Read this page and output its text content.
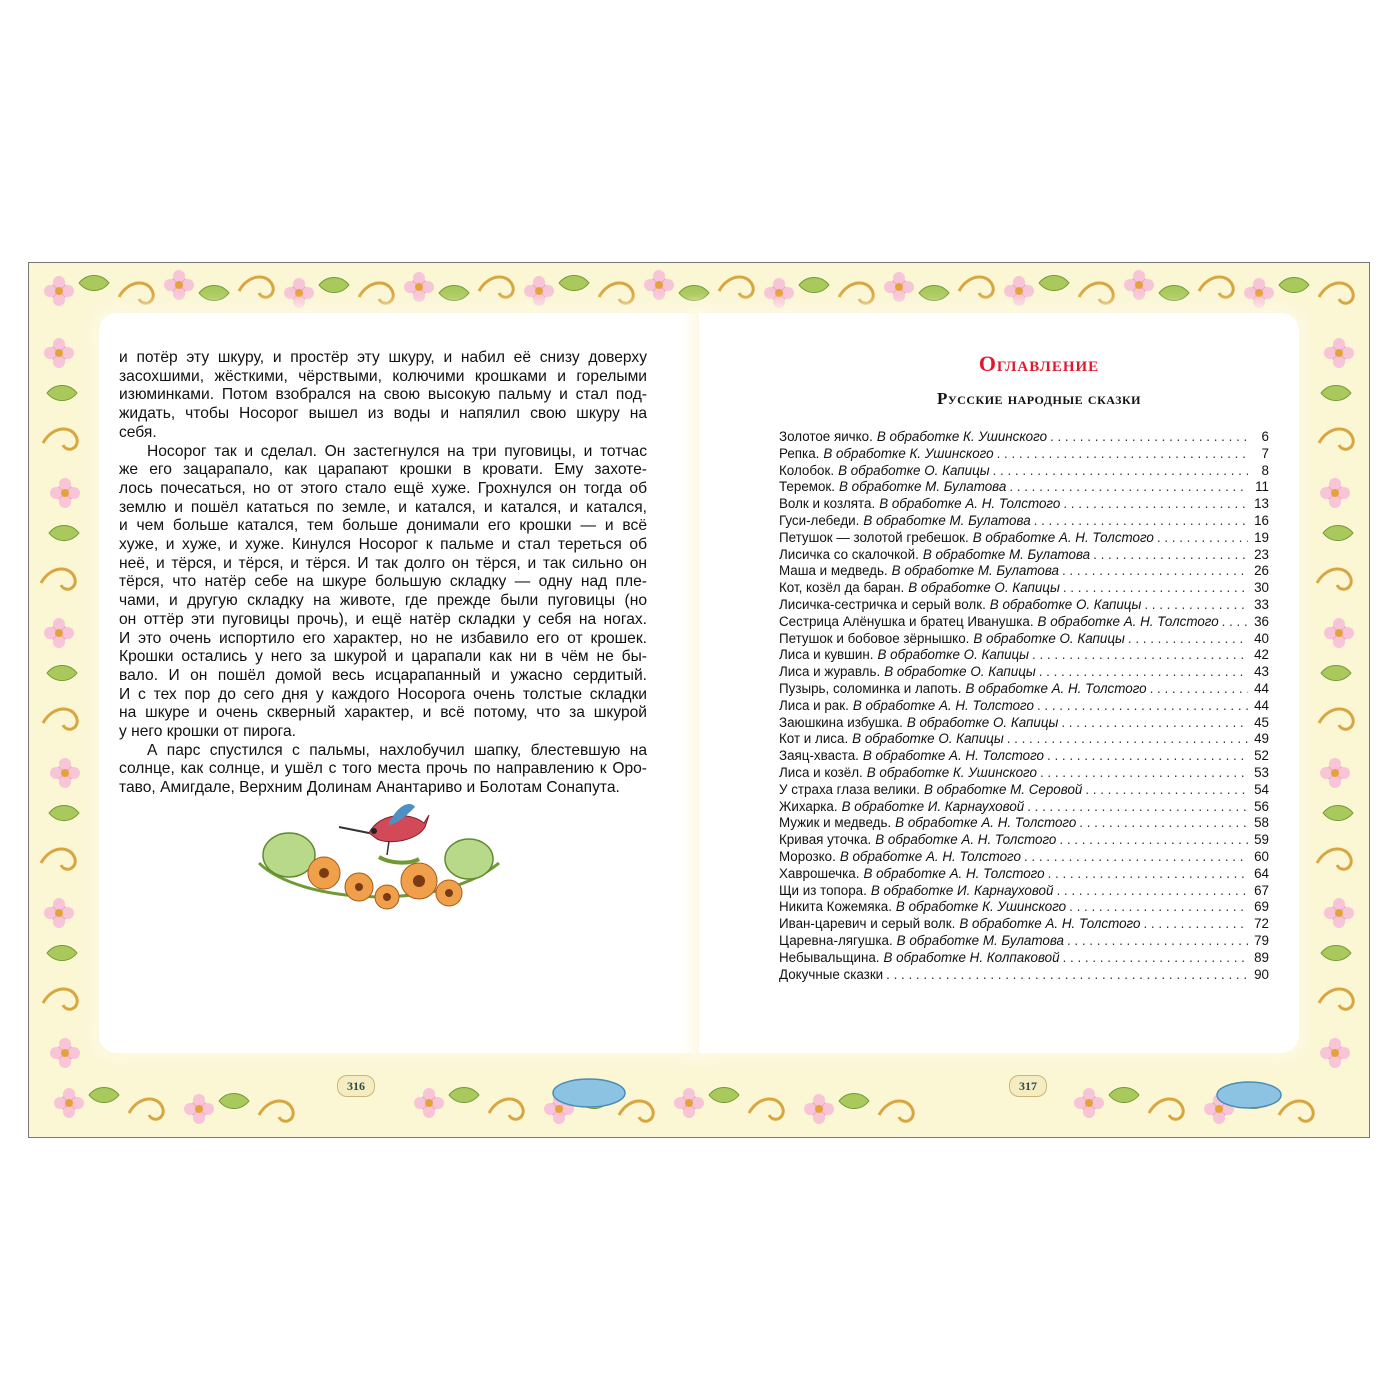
и потёр эту шкуру, и простёр эту шкуру, и набил её снизу доверху
засохшими, жёсткими, чёрствыми, колючими крошками и горелыми
изюминками. Потом взобрался на свою высокую пальму и стал под-
жидать, чтобы Носорог вышел из воды и напялил свою шкуру на
себя.
Носорог так и сделал. Он застегнулся на три пуговицы, и тотчас
же его зацарапало, как царапают крошки в кровати. Ему захоте-
лось почесаться, но от этого стало ещё хуже. Грохнулся он тогда об
землю и пошёл кататься по земле, и катался, и катался, и катался,
и чем больше катался, тем больше донимали его крошки — и всё
хуже, и хуже, и хуже. Кинулся Носорог к пальме и стал тереться об
неё, и тёрся, и тёрся, и тёрся. И так долго он тёрся, и так сильно он
тёрся, что натёр себе на шкуре большую складку — одну над пле-
чами, и другую складку на животе, где прежде были пуговицы (но
он оттёр эти пуговицы прочь), и ещё натёр складки у себя на ногах.
И это очень испортило его характер, но не избавило его от крошек.
Крошки остались у него за шкурой и царапали как ни в чём не бы-
вало. И он пошёл домой весь исцарапанный и ужасно сердитый.
И с тех пор до сего дня у каждого Носорога очень толстые складки
на шкуре и очень скверный характер, и всё потому, что за шкурой
у него крошки от пирога.
А парс спустился с пальмы, нахлобучил шапку, блестевшую на
солнце, как солнце, и ушёл с того места прочь по направлению к Оро-
таво, Амигдале, Верхним Долинам Анантариво и Болотам Сонапута.
Оглавление
Русские народные сказки
Золотое яичко. В обработке К. Ушинского . . .	6
Репка. В обработке К. Ушинского . . .	7
Колобок. В обработке О. Капицы . . .	8
Теремок. В обработке М. Булатова . . .	11
Волк и козлята. В обработке А. Н. Толстого . . .	13
Гуси-лебеди. В обработке М. Булатова . . .	16
Петушок — золотой гребешок. В обработке А. Н. Толстого . . .	19
Лисичка со скалочкой. В обработке М. Булатова . . .	23
Маша и медведь. В обработке М. Булатова . . .	26
Кот, козёл да баран. В обработке О. Капицы . . .	30
Лисичка-сестричка и серый волк. В обработке О. Капицы . . .	33
Сестрица Алёнушка и братец Иванушка. В обработке А. Н. Толстого . . .	36
Петушок и бобовое зёрнышко. В обработке О. Капицы . . .	40
Лиса и кувшин. В обработке О. Капицы . . .	42
Лиса и журавль. В обработке О. Капицы . . .	43
Пузырь, соломинка и лапоть. В обработке А. Н. Толстого . . .	44
Лиса и рак. В обработке А. Н. Толстого . . .	44
Заюшкина избушка. В обработке О. Капицы . . .	45
Кот и лиса. В обработке О. Капицы . . .	49
Заяц-хваста. В обработке А. Н. Толстого . . .	52
Лиса и козёл. В обработке К. Ушинского . . .	53
У страха глаза велики. В обработке М. Серовой . . .	54
Жихарка. В обработке И. Карнауховой . . .	56
Мужик и медведь. В обработке А. Н. Толстого . . .	58
Кривая уточка. В обработке А. Н. Толстого . . .	59
Морозко. В обработке А. Н. Толстого . . .	60
Хаврошечка. В обработке А. Н. Толстого . . .	64
Щи из топора. В обработке И. Карнауховой . . .	67
Никита Кожемяка. В обработке К. Ушинского . . .	69
Иван-царевич и серый волк. В обработке А. Н. Толстого . . .	72
Царевна-лягушка. В обработке М. Булатова . . .	79
Небывальщина. В обработке Н. Колпаковой . . .	89
Докучные сказки . . .	90
316	317
